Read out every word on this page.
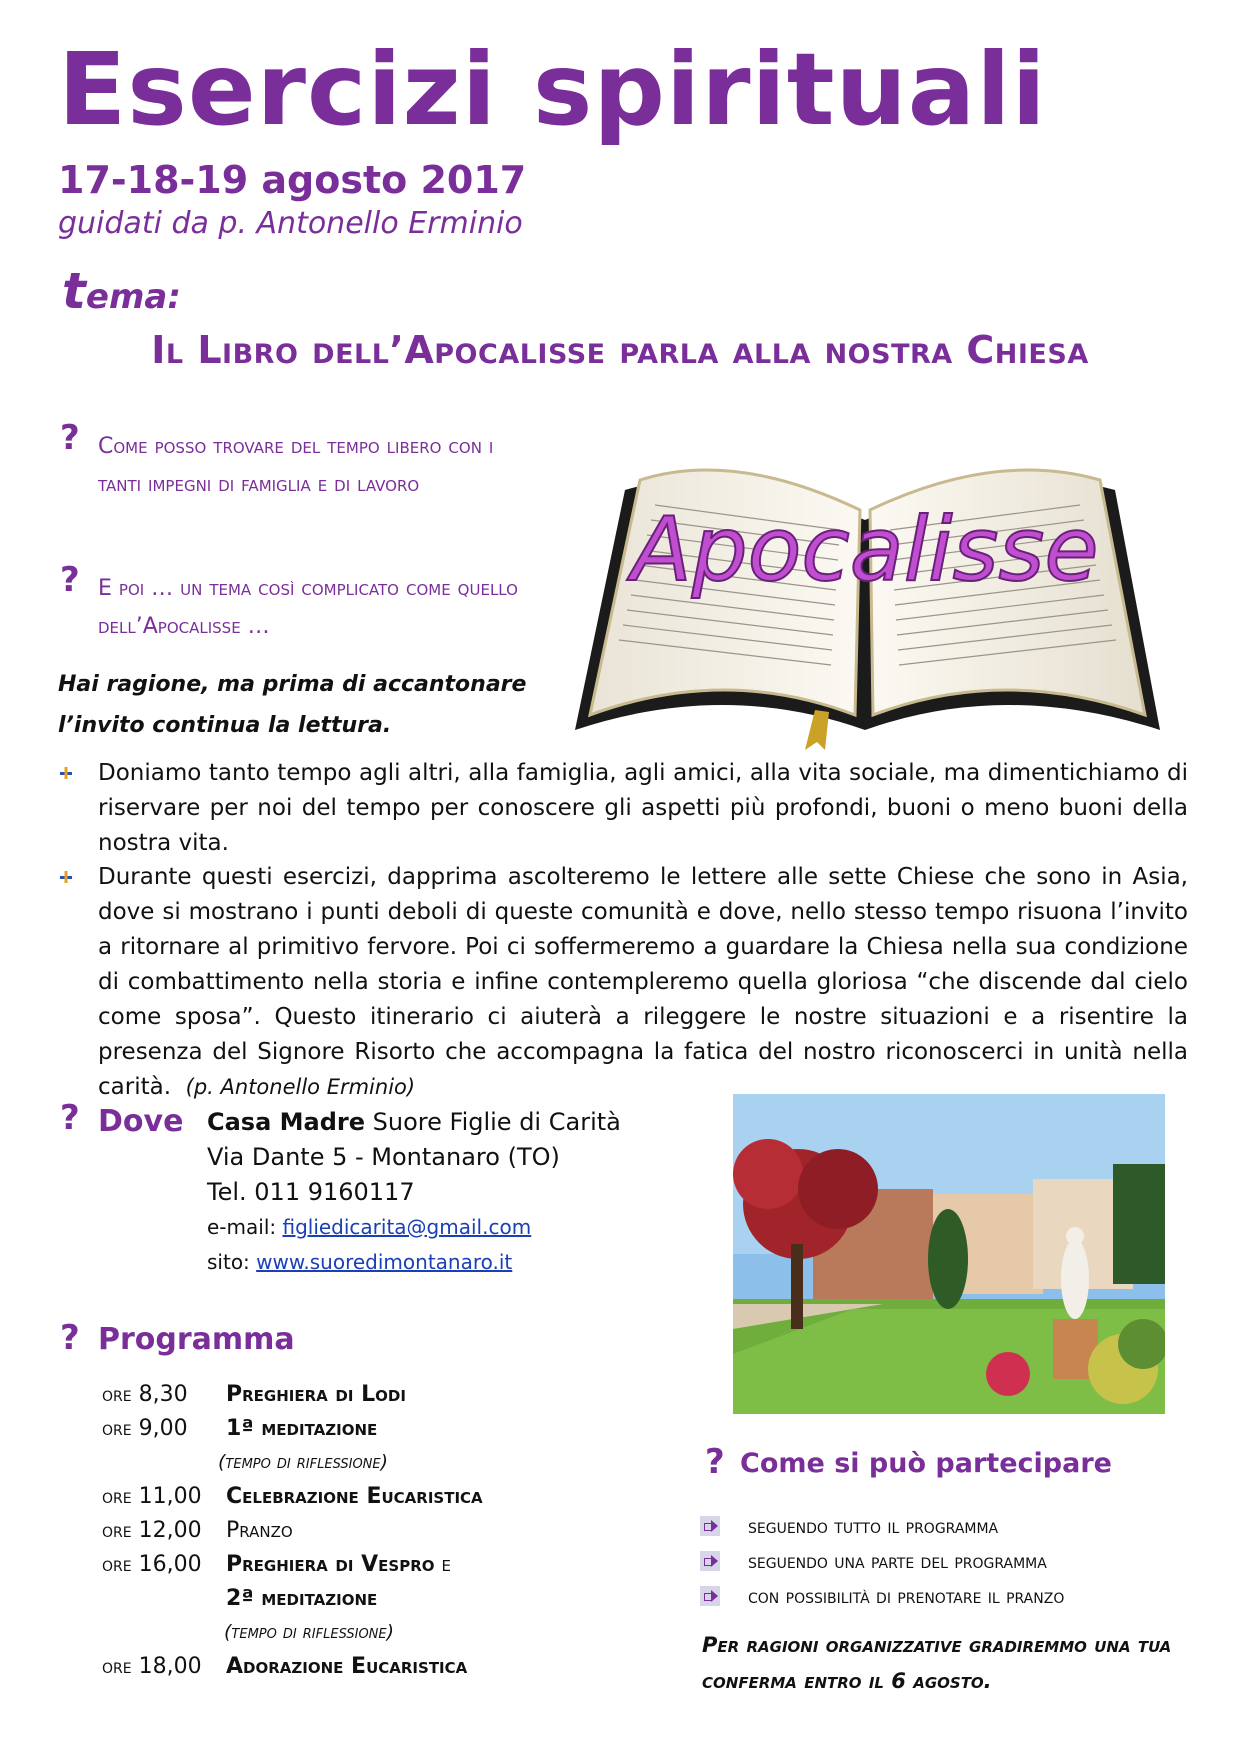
Esercizi spirituali
17-18-19 agosto 2017
guidati da p. Antonello Erminio
tema:
Il Libro dell’Apocalisse parla alla nostra Chiesa
? Come posso trovare del tempo libero con i tanti impegni di famiglia e di lavoro
? E poi … un tema così complicato come quello dell’Apocalisse …
Hai ragione, ma prima di accantonare l’invito continua la lettura.
Apocalisse
Doniamo tanto tempo agli altri, alla famiglia, agli amici, alla vita sociale, ma dimentichiamo di riservare per noi del tempo per conoscere gli aspetti più profondi, buoni o meno buoni della nostra vita.
Durante questi esercizi, dapprima ascolteremo le lettere alle sette Chiese che sono in Asia, dove si mostrano i punti deboli di queste comunità e dove, nello stesso tempo risuona l’invito a ritornare al primitivo fervore. Poi ci soffermeremo a guardare la Chiesa nella sua condizione di combattimento nella storia e infine contempleremo quella gloriosa “che discende dal cielo come sposa”. Questo itinerario ci aiuterà a rileggere le nostre situazioni e a risentire la presenza del Signore Risorto che accompagna la fatica del nostro riconoscerci in unità nella carità. (p. Antonello Erminio)
? Dove Casa Madre Suore Figlie di Carità
Via Dante 5 - Montanaro (TO)
Tel. 011 9160117
e-mail: figliedicarita@gmail.com
sito: www.suoredimontanaro.it
? Programma
ore 8,30	Preghiera di Lodi
ore 9,00	1ª meditazione
(tempo di riflessione)
ore 11,00	Celebrazione Eucaristica
ore 12,00	Pranzo
ore 16,00	Preghiera di Vespro e
2ª meditazione
(tempo di riflessione)
ore 18,00	Adorazione Eucaristica
? Come si può partecipare
seguendo tutto il programma
seguendo una parte del programma
con possibilità di prenotare il pranzo
Per ragioni organizzative gradiremmo una tua conferma entro il 6 agosto.
